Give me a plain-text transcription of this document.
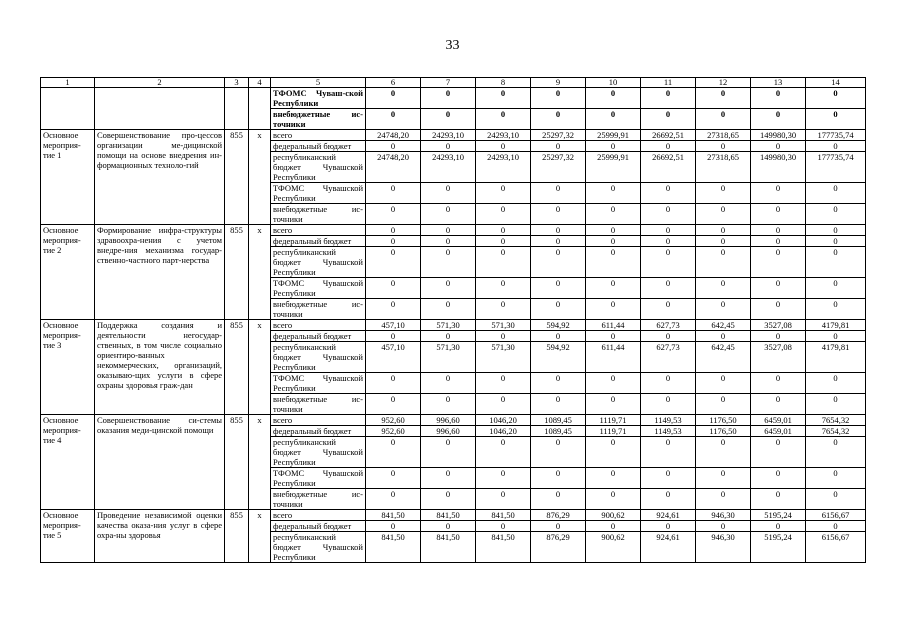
33
1	2	3	4	5	6	7	8	9	10	11	12	13	14
				ТФОМС Чуваш-ской Республики	0	0	0	0	0	0	0	0	0
				внебюджетные ис-точники	0	0	0	0	0	0	0	0	0
Основное мероприя-тие 1	Совершенствование про-цессов организации ме-дицинской помощи на основе внедрения ин-формационных техноло-гий	855	x	всего	24748,20	24293,10	24293,10	25297,32	25999,91	26692,51	27318,65	149980,30	177735,74
				федеральный бюджет	0	0	0	0	0	0	0	0	0
				республиканский бюджет Чувашской Республики	24748,20	24293,10	24293,10	25297,32	25999,91	26692,51	27318,65	149980,30	177735,74
				ТФОМС Чувашской Республики	0	0	0	0	0	0	0	0	0
				внебюджетные ис-точники	0	0	0	0	0	0	0	0	0
Основное мероприя-тие 2	Формирование инфра-структуры здравоохра-нения с учетом внедре-ния механизма государ-ственно-частного парт-нерства	855	x	всего	0	0	0	0	0	0	0	0	0
				федеральный бюджет	0	0	0	0	0	0	0	0	0
				республиканский бюджет Чувашской Республики	0	0	0	0	0	0	0	0	0
				ТФОМС Чувашской Республики	0	0	0	0	0	0	0	0	0
				внебюджетные ис-точники	0	0	0	0	0	0	0	0	0
Основное мероприя-тие 3	Поддержка создания и деятельности негосудар-ственных, в том числе социально ориентиро-ванных некоммерческих, организаций, оказываю-щих услуги в сфере охраны здоровья граж-дан	855	x	всего	457,10	571,30	571,30	594,92	611,44	627,73	642,45	3527,08	4179,81
				федеральный бюджет	0	0	0	0	0	0	0	0	0
				республиканский бюджет Чувашской Республики	457,10	571,30	571,30	594,92	611,44	627,73	642,45	3527,08	4179,81
				ТФОМС Чувашской Республики	0	0	0	0	0	0	0	0	0
				внебюджетные ис-точники	0	0	0	0	0	0	0	0	0
Основное мероприя-тие 4	Совершенствование си-стемы оказания меди-цинской помощи	855	x	всего	952,60	996,60	1046,20	1089,45	1119,71	1149,53	1176,50	6459,01	7654,32
				федеральный бюджет	952,60	996,60	1046,20	1089,45	1119,71	1149,53	1176,50	6459,01	7654,32
				республиканский бюджет Чувашской Республики	0	0	0	0	0	0	0	0	0
				ТФОМС Чувашской Республики	0	0	0	0	0	0	0	0	0
				внебюджетные ис-точники	0	0	0	0	0	0	0	0	0
Основное мероприя-тие 5	Проведение независимой оценки качества оказа-ния услуг в сфере охра-ны здоровья	855	x	всего	841,50	841,50	841,50	876,29	900,62	924,61	946,30	5195,24	6156,67
				федеральный бюджет	0	0	0	0	0	0	0	0	0
				республиканский бюджет Чувашской Республики	841,50	841,50	841,50	876,29	900,62	924,61	946,30	5195,24	6156,67
